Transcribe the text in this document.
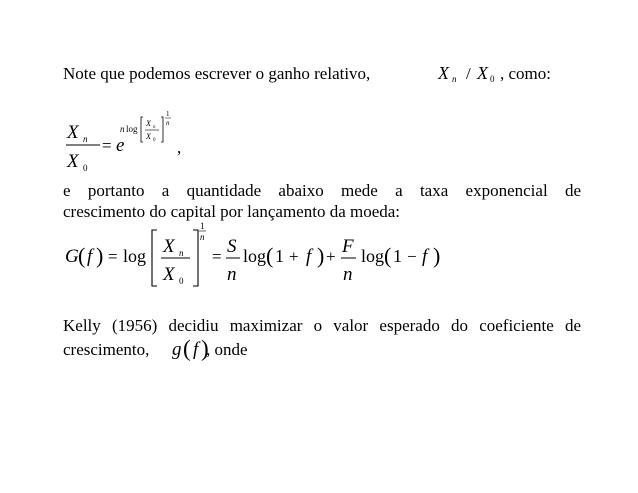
Note que podemos escrever o ganho relativo,	X n / X 0 , como:
X n
X 0
= e
n log
X n
X 0
1
n
,
e portanto a quantidade abaixo mede a taxa exponencial de
crescimento do capital por lançamento da moeda:
G ( f ) = log X n
X 0
1
n
= S
n
log ( 1 + f ) + F
n
log ( 1 − f )
Kelly (1956) decidiu maximizar o valor esperado do coeficiente de
crescimento, g ( f )
, onde
